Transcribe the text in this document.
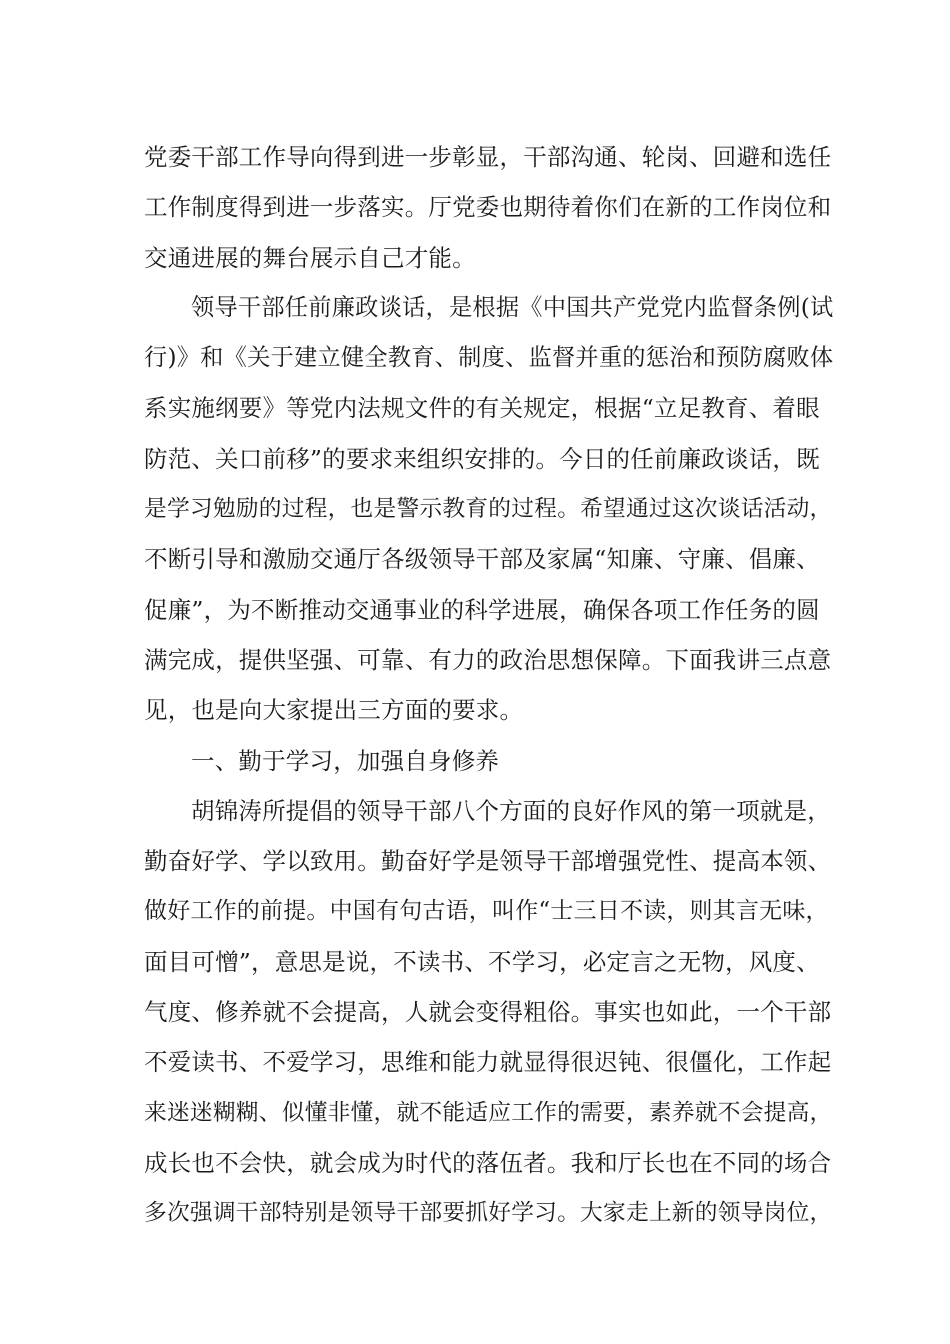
党委干部工作导向得到进一步彰显，干部沟通、轮岗、回避和选任
工作制度得到进一步落实。厅党委也期待着你们在新的工作岗位和
交通进展的舞台展示自己才能。
领导干部任前廉政谈话，是根据《中国共产党党内监督条例(试
行)》和《关于建立健全教育、制度、监督并重的惩治和预防腐败体
系实施纲要》等党内法规文件的有关规定，根据“立足教育、着眼
防范、关口前移”的要求来组织安排的。今日的任前廉政谈话，既
是学习勉励的过程，也是警示教育的过程。希望通过这次谈话活动，
不断引导和激励交通厅各级领导干部及家属“知廉、守廉、倡廉、
促廉”，为不断推动交通事业的科学进展，确保各项工作任务的圆
满完成，提供坚强、可靠、有力的政治思想保障。下面我讲三点意
见，也是向大家提出三方面的要求。
一、勤于学习，加强自身修养
胡锦涛所提倡的领导干部八个方面的良好作风的第一项就是，
勤奋好学、学以致用。勤奋好学是领导干部增强党性、提高本领、
做好工作的前提。中国有句古语，叫作“士三日不读，则其言无味，
面目可憎”，意思是说，不读书、不学习，必定言之无物，风度、
气度、修养就不会提高，人就会变得粗俗。事实也如此，一个干部
不爱读书、不爱学习，思维和能力就显得很迟钝、很僵化，工作起
来迷迷糊糊、似懂非懂，就不能适应工作的需要，素养就不会提高，
成长也不会快，就会成为时代的落伍者。我和厅长也在不同的场合
多次强调干部特别是领导干部要抓好学习。大家走上新的领导岗位，
